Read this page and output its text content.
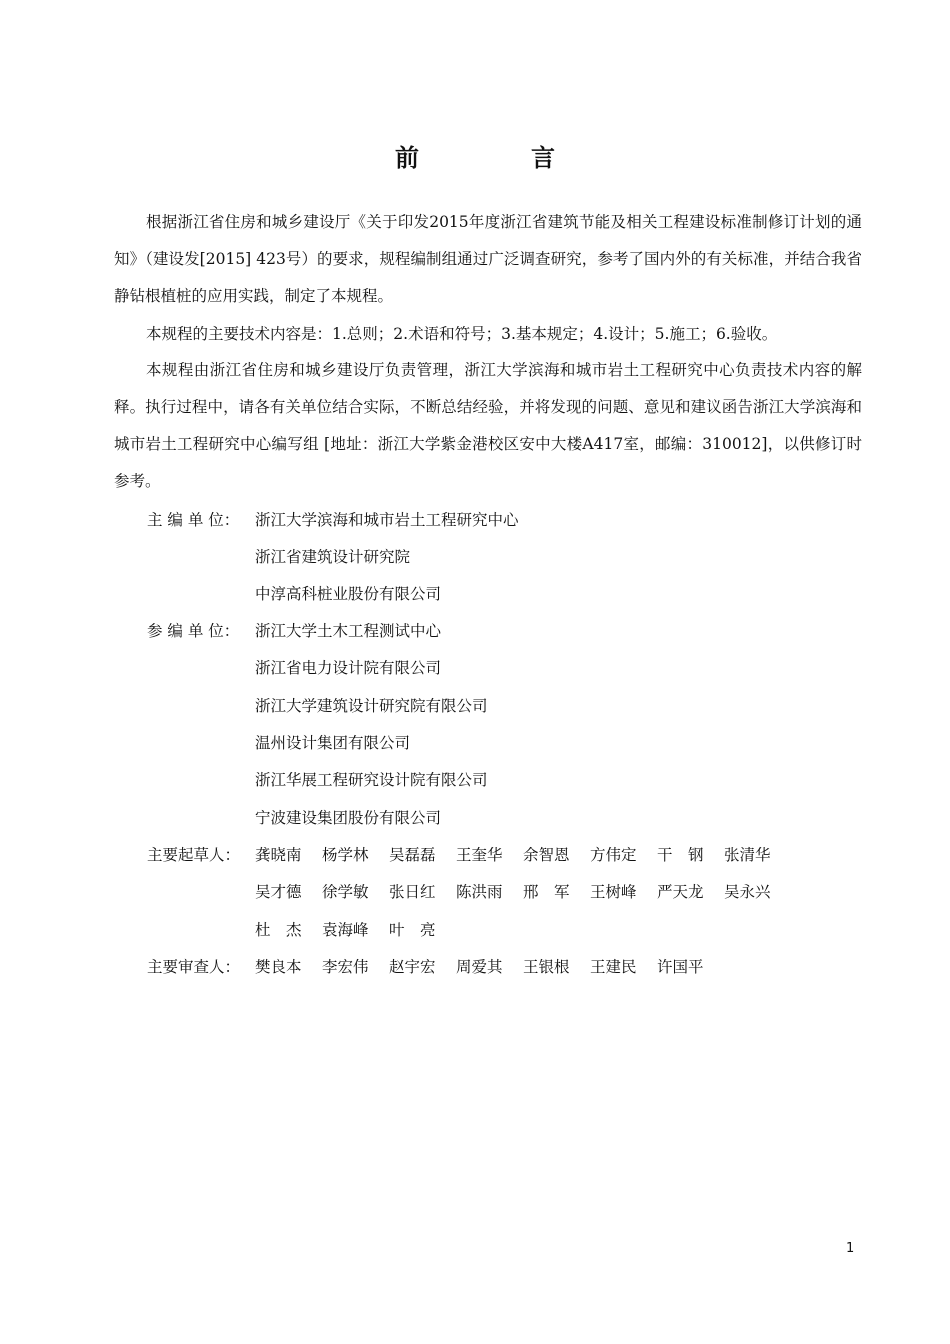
前　言

根据浙江省住房和城乡建设厅《关于印发2015年度浙江省建筑节能及相关工程建设标准制修订计划的通知》（建设发[2015] 423号）的要求，规程编制组通过广泛调查研究，参考了国内外的有关标准，并结合我省静钻根植桩的应用实践，制定了本规程。

本规程的主要技术内容是：1.总则；2.术语和符号；3.基本规定；4.设计；5.施工；6.验收。

本规程由浙江省住房和城乡建设厅负责管理，浙江大学滨海和城市岩土工程研究中心负责技术内容的解释。执行过程中，请各有关单位结合实际，不断总结经验，并将发现的问题、意见和建议函告浙江大学滨海和城市岩土工程研究中心编写组 [地址：浙江大学紫金港校区安中大楼A417室，邮编：310012]，以供修订时参考。

主 编 单 位： 浙江大学滨海和城市岩土工程研究中心
浙江省建筑设计研究院
中淳高科桩业股份有限公司
参 编 单 位： 浙江大学土木工程测试中心
浙江省电力设计院有限公司
浙江大学建筑设计研究院有限公司
温州设计集团有限公司
浙江华展工程研究设计院有限公司
宁波建设集团股份有限公司
主要起草人： 龚晓南 杨学林 吴磊磊 王奎华 余智恩 方伟定 干　钢 张清华
吴才德 徐学敏 张日红 陈洪雨 邢　军 王树峰 严天龙 吴永兴
杜　杰 袁海峰 叶　亮
主要审查人： 樊良本 李宏伟 赵宇宏 周爱其 王银根 王建民 许国平
1
